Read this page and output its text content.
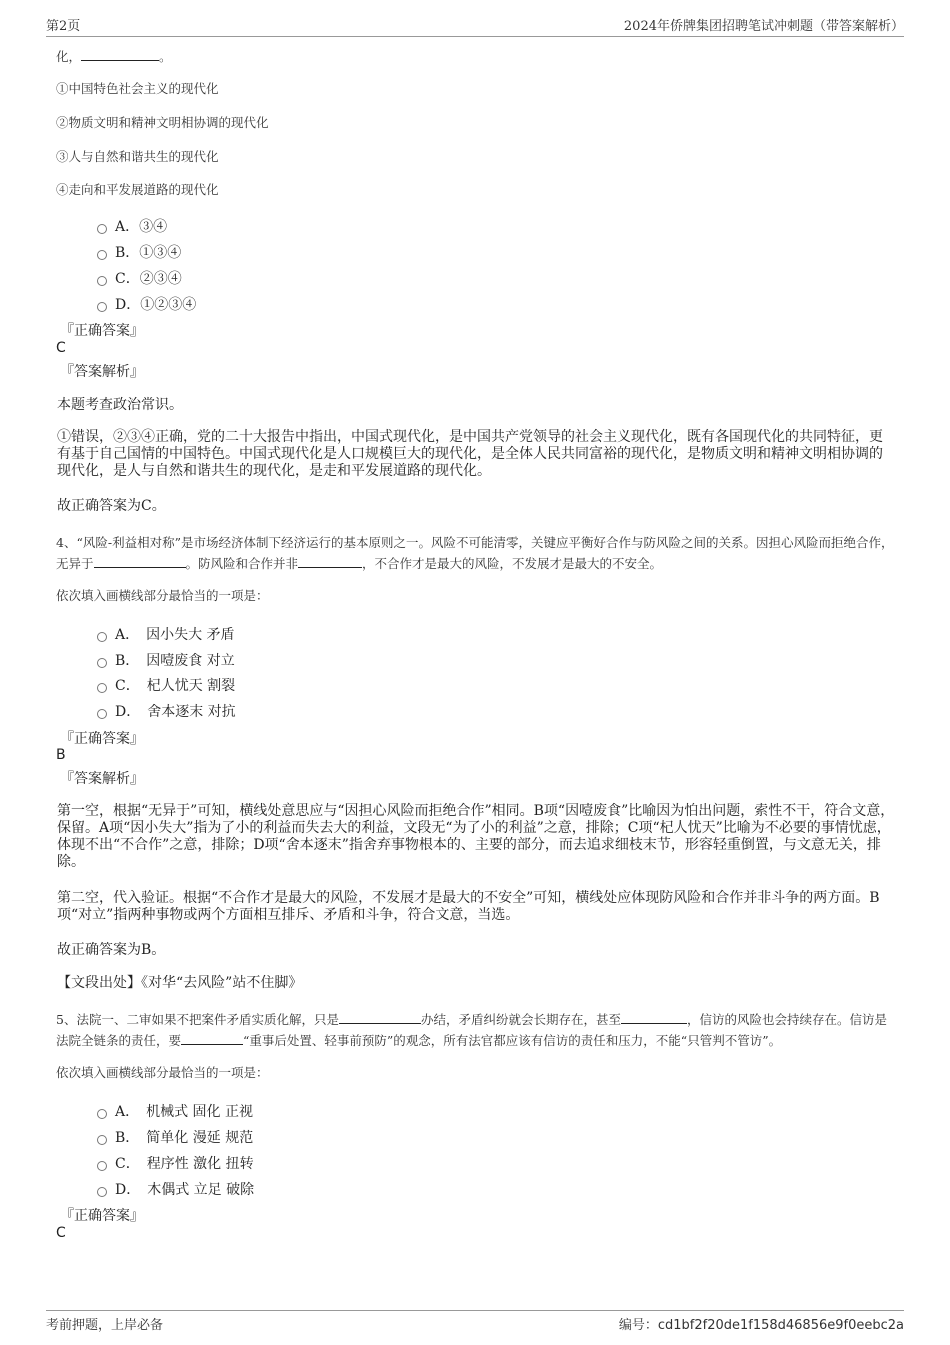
第2页	2024年侨牌集团招聘笔试冲刺题（带答案解析）
化，	。
①中国特色社会主义的现代化
②物质文明和精神文明相协调的现代化
③人与自然和谐共生的现代化
④走向和平发展道路的现代化
A．③④
B．①③④
C．②③④
D．①②③④
『正确答案』
C
『答案解析』
本题考查政治常识。
①错误，②③④正确，党的二十大报告中指出，中国式现代化，是中国共产党领导的社会主义现代化，既有各国现代化的共同特征，更有基于自己国情的中国特色。中国式现代化是人口规模巨大的现代化，是全体人民共同富裕的现代化，是物质文明和精神文明相协调的现代化，是人与自然和谐共生的现代化，是走和平发展道路的现代化。
故正确答案为C。
4、“风险-利益相对称”是市场经济体制下经济运行的基本原则之一。风险不可能清零，关键应平衡好合作与防风险之间的关系。因担心风险而拒绝合作，无异于	。防风险和合作并非	，不合作才是最大的风险，不发展才是最大的不安全。
依次填入画横线部分最恰当的一项是：
A．　因小失大 矛盾
B．　因噎废食 对立
C．　杞人忧天 割裂
D．　舍本逐末 对抗
『正确答案』
B
『答案解析』
第一空，根据“无异于”可知，横线处意思应与“因担心风险而拒绝合作”相同。B项“因噎废食”比喻因为怕出问题，索性不干，符合文意，保留。A项“因小失大”指为了小的利益而失去大的利益，文段无“为了小的利益”之意，排除；C项“杞人忧天”比喻为不必要的事情忧虑，体现不出“不合作”之意，排除；D项“舍本逐末”指舍弃事物根本的、主要的部分，而去追求细枝末节，形容轻重倒置，与文意无关，排除。
第二空，代入验证。根据“不合作才是最大的风险，不发展才是最大的不安全”可知，横线处应体现防风险和合作并非斗争的两方面。B项“对立”指两种事物或两个方面相互排斥、矛盾和斗争，符合文意，当选。
故正确答案为B。
【文段出处】《对华“去风险”站不住脚》
5、法院一、二审如果不把案件矛盾实质化解，只是	办结，矛盾纠纷就会长期存在，甚至	，信访的风险也会持续存在。信访是法院全链条的责任，要	“重事后处置、轻事前预防”的观念，所有法官都应该有信访的责任和压力，不能“只管判不管访”。
依次填入画横线部分最恰当的一项是：
A．　机械式 固化 正视
B．　简单化 漫延 规范
C．　程序性 激化 扭转
D．　木偶式 立足 破除
『正确答案』
C
考前押题，上岸必备	编号：cd1bf2f20de1f158d46856e9f0eebc2a
